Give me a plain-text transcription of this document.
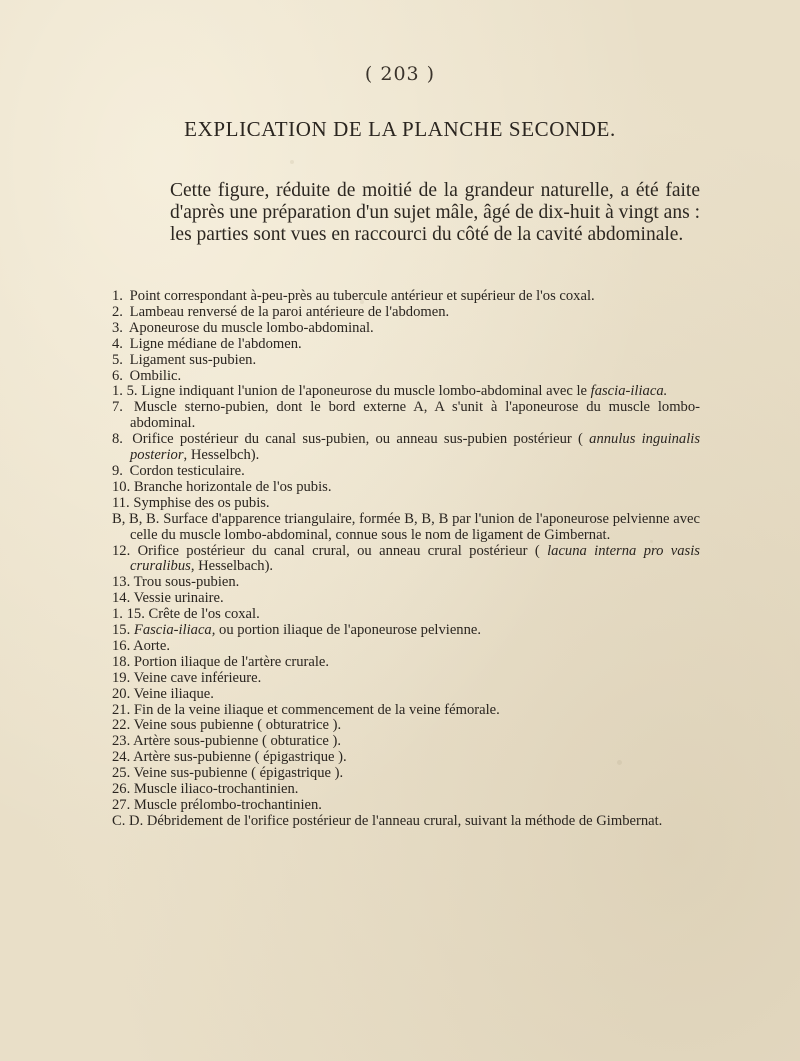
( 203 )
EXPLICATION DE LA PLANCHE SECONDE.

Cette figure, réduite de moitié de la grandeur naturelle, a été faite d'après une préparation d'un sujet mâle, âgé de dix-huit à vingt ans : les parties sont vues en raccourci du côté de la cavité abdominale.

1. Point correspondant à-peu-près au tubercule antérieur et supérieur de l'os coxal.
2. Lambeau renversé de la paroi antérieure de l'abdomen.
3. Aponeurose du muscle lombo-abdominal.
4. Ligne médiane de l'abdomen.
5. Ligament sus-pubien.
6. Ombilic.
1. 5. Ligne indiquant l'union de l'aponeurose du muscle lombo-abdominal avec le fascia-iliaca.
7. Muscle sterno-pubien, dont le bord externe A, A s'unit à l'aponeurose du muscle lombo-abdominal.
8. Orifice postérieur du canal sus-pubien, ou anneau sus-pubien postérieur ( annulus inguinalis posterior, Hesselbch).
9. Cordon testiculaire.
10. Branche horizontale de l'os pubis.
11. Symphise des os pubis.
B, B, B. Surface d'apparence triangulaire, formée B, B, B par l'union de l'aponeurose pelvienne avec celle du muscle lombo-abdominal, connue sous le nom de ligament de Gimbernat.
12. Orifice postérieur du canal crural, ou anneau crural postérieur ( lacuna interna pro vasis cruralibus, Hesselbach).
13. Trou sous-pubien.
14. Vessie urinaire.
1. 15. Crête de l'os coxal.
15. Fascia-iliaca, ou portion iliaque de l'aponeurose pelvienne.
16. Aorte.
18. Portion iliaque de l'artère crurale.
19. Veine cave inférieure.
20. Veine iliaque.
21. Fin de la veine iliaque et commencement de la veine fémorale.
22. Veine sous pubienne ( obturatrice ).
23. Artère sous-pubienne ( obturatice ).
24. Artère sus-pubienne ( épigastrique ).
25. Veine sus-pubienne ( épigastrique ).
26. Muscle iliaco-trochantinien.
27. Muscle prélombo-trochantinien.
C. D. Débridement de l'orifice postérieur de l'anneau crural, suivant la méthode de Gimbernat.
